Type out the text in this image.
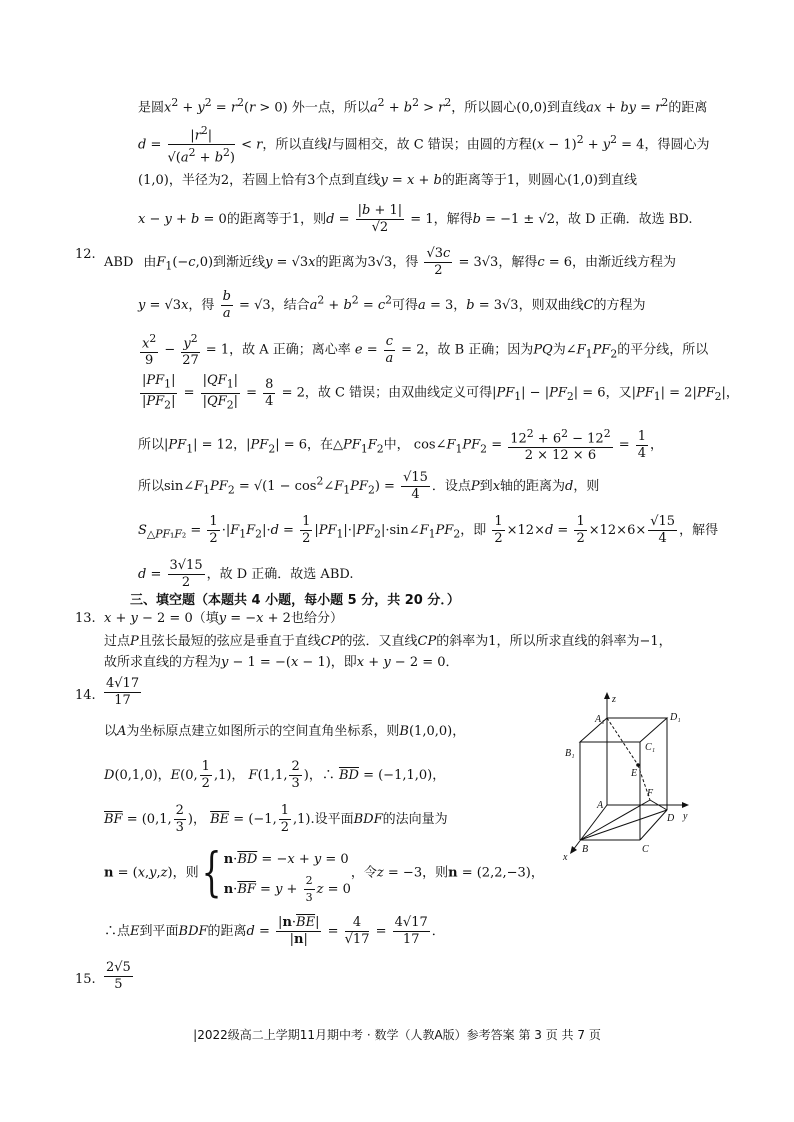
是圆$x^2 + y^2 = r^2(r > 0)$ 外一点，所以$a^2 + b^2 > r^2$，所以圆心(0,0)到直线ax + by = $r^2$的距离
$d = \frac{|r^2|}{√(a^2 + b^2)} < r$，所以直线l与圆相交，故 C 错误；由圆的方程$(x - 1)^2 + y^2 = 4$，得圆心为
(1,0)，半径为2，若圆上恰有3个点到直线y = x + b的距离等于1，则圆心(1,0)到直线
x − y + b = 0的距离等于1，则$d = \frac{|b + 1|}{√2} = 1$，解得b = −1 ± √2，故 D 正确．故选 BD.
12.
ABD 由$F_1(-c,0)$到渐近线y = √3x的距离为3√3，得 $\frac{√3c}{2} = 3√3$，解得c = 6，由渐近线方程为
y = √3x，得 $\frac{b}{a} = √3$，结合$a^2 + b^2 = c^2$可得a = 3，b = 3√3，则双曲线C的方程为
$\frac{x^2}{9} - \frac{y^2}{27} = 1$，故 A 正确；离心率 $e = \frac{c}{a} = 2$，故 B 正确；因为PQ为$\angle F_1PF_2$的平分线，所以
$\frac{|PF_1|}{|PF_2|} = \frac{|QF_1|}{|QF_2|} = \frac{8}{4} = 2$，故 C 错误；由双曲线定义可得$|PF_1| - |PF_2| = 6$，又$|PF_1| = 2|PF_2|$，
所以$|PF_1| = 12$，$|PF_2| = 6$，在$\triangle PF_1F_2$中， $\cos\angle F_1PF_2 = \frac{12^2 + 6^2 - 12^2}{2 \times 12 \times 6} = \frac{1}{4}$ ，
所以$\sin\angle F_1PF_2 = √(1$ − $\cos^2\angle F_1PF_2) = \frac{√15}{4}$ ．设点P到x轴的距离为d，则
$S_{\triangle PF_1F_2} = \frac{1}{2} \cdot|F_1F_2|\cdot d = \frac{1}{2}$ $|PF_1|\cdot|PF_2|\cdot\sin\angle F_1PF_2$，即 $\frac{1}{2} \times 12\times d = \frac{1}{2} \times 12\times 6\times \frac{√15}{4}$ ，解得
$d = \frac{3√15}{2}$ ，故 D 正确．故选 ABD.
三、填空题（本题共 4 小题，每小题 5 分，共 20 分．）
13. x + y − 2 = 0（填y = −x + 2也给分）
过点P且弦长最短的弦应是垂直于直线CP的弦．又直线CP的斜率为1，所以所求直线的斜率为−1，
故所求直线的方程为y − 1 = −(x − 1)，即x + y − 2 = 0．
14. $\frac{4√17}{17}$
以A为坐标原点建立如图所示的空间直角坐标系，则B(1,0,0)，
D(0,1,0)，E(0, $\frac{1}{2} ,1$)， F(1,1, $\frac{2}{3}$ )，∴ $\overline{BD} = (-1,1,0)$，
$\overline{BF} = (0,1$, $\frac{2}{3}$ )， $\overline{BE} = (-1$, $\frac{1}{2} ,1$).设平面BDF的法向量为
n = (x,y,z)，则{ $n\cdot\overline{BD} = -x + y = 0$
$n\cdot\overline{BF} = y + \frac{2}{3}$ z = 0
，令z = −3，则n = (2,2,−3)，
∴点E到平面BDF的距离$d = \frac{|n\cdot\overline{BE}|}{|n|} = \frac{4}{√17} = \frac{4√17}{17}$ ．
z
A₁	D₁
B₁
C₁
E
A
F
D y
x
B	C
15. $\frac{2√5}{5}$
|2022级高二上学期11月期中考 · 数学（人教A版）参考答案 第 3 页 共 7 页
